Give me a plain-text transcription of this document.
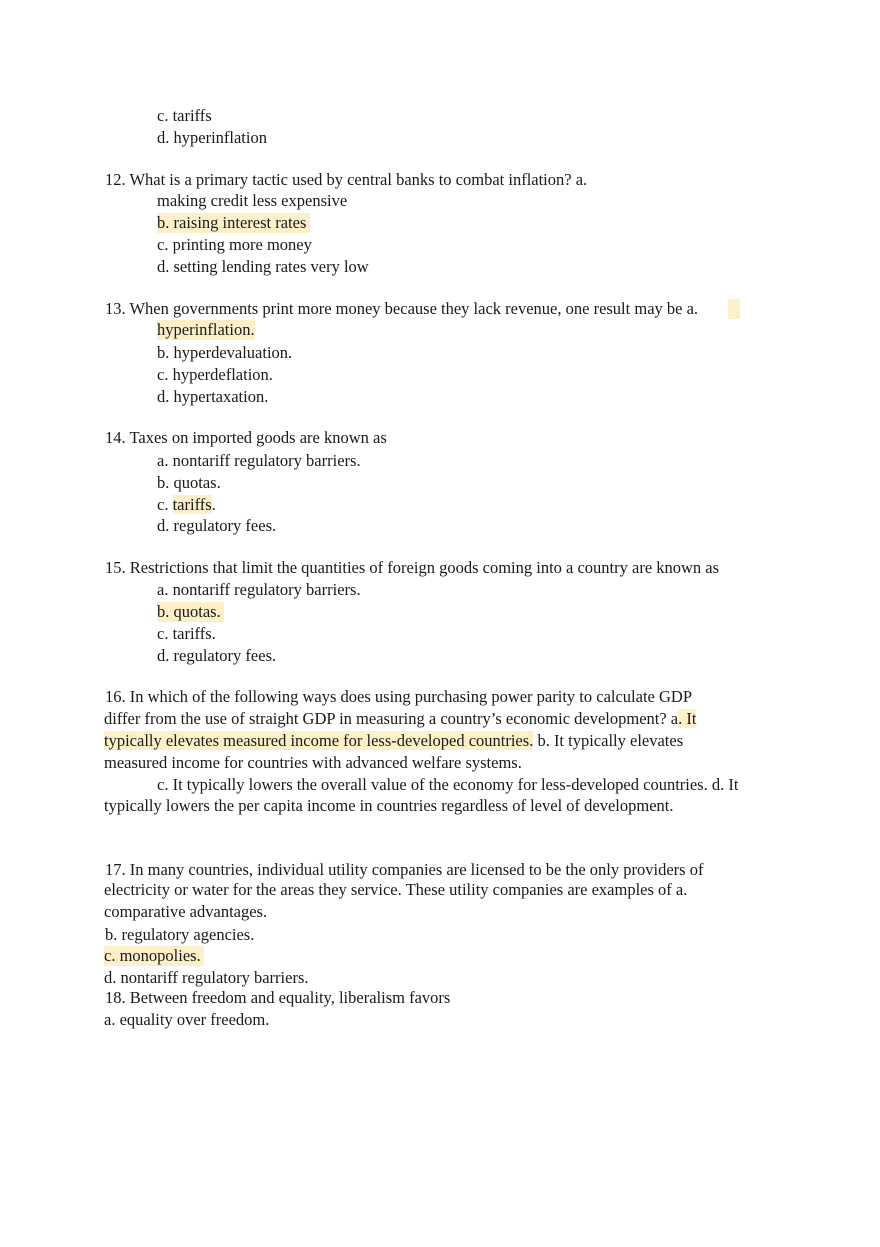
c. tariffs
d. hyperinflation
12. What is a primary tactic used by central banks to combat inflation? a.
making credit less expensive
b. raising interest rates
c. printing more money
d. setting lending rates very low
13. When governments print more money because they lack revenue, one result may be a.
hyperinflation.
b. hyperdevaluation.
c. hyperdeflation.
d. hypertaxation.
14. Taxes on imported goods are known as
a. nontariff regulatory barriers.
b. quotas.
c. tariffs.
d. regulatory fees.
15. Restrictions that limit the quantities of foreign goods coming into a country are known as
a. nontariff regulatory barriers.
b. quotas.
c. tariffs.
d. regulatory fees.
16. In which of the following ways does using purchasing power parity to calculate GDP
differ from the use of straight GDP in measuring a country’s economic development? a. It
typically elevates measured income for less-developed countries. b. It typically elevates
measured income for countries with advanced welfare systems.
c. It typically lowers the overall value of the economy for less-developed countries. d. It
typically lowers the per capita income in countries regardless of level of development.
17. In many countries, individual utility companies are licensed to be the only providers of
electricity or water for the areas they service. These utility companies are examples of a.
comparative advantages.
b. regulatory agencies.
c. monopolies.
d. nontariff regulatory barriers.
18. Between freedom and equality, liberalism favors
a. equality over freedom.
